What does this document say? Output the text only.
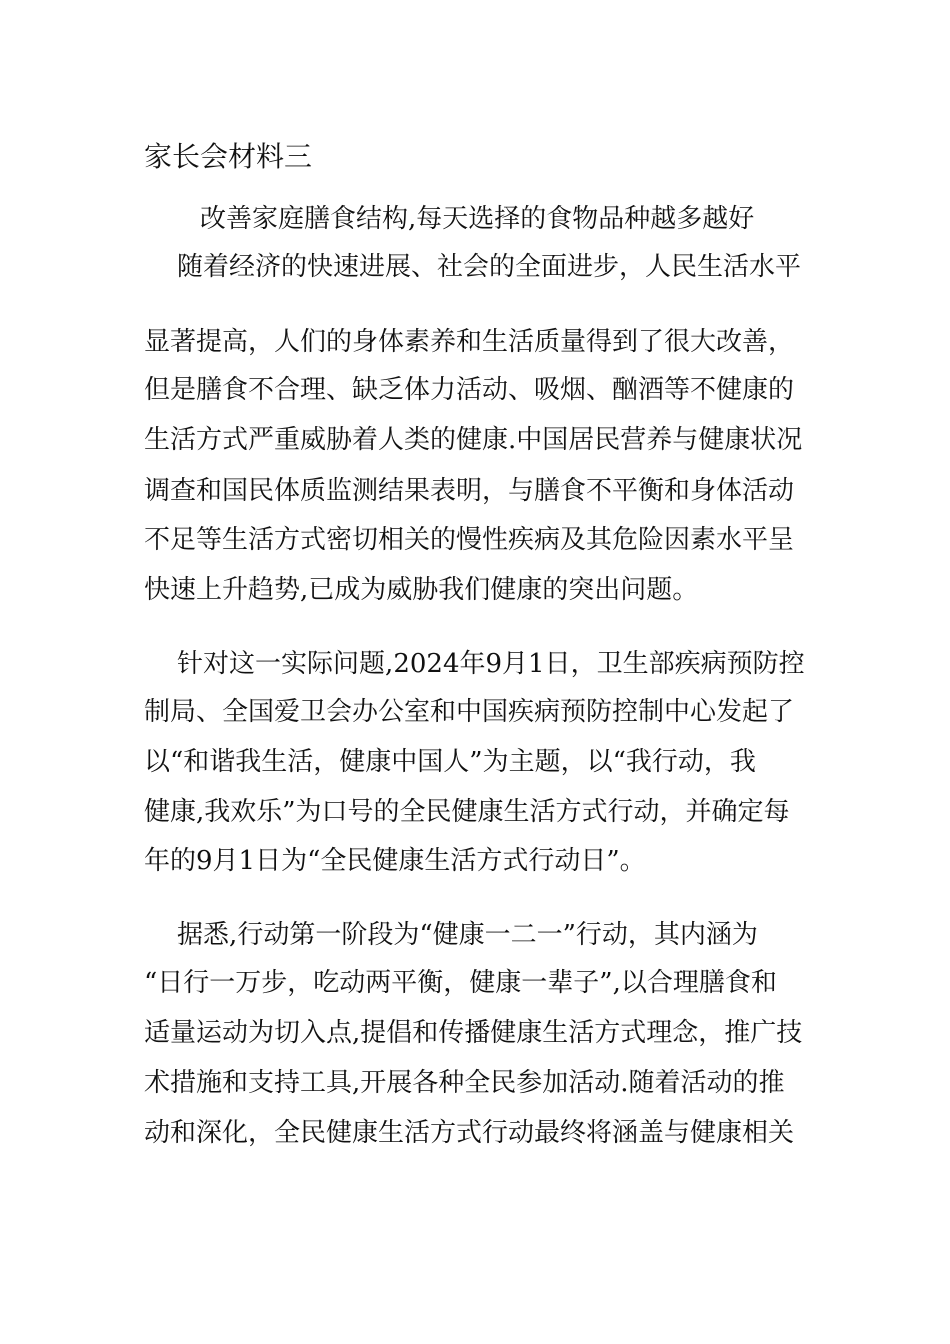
家长会材料三
改善家庭膳食结构,每天选择的食物品种越多越好

随着经济的快速进展、社会的全面进步，人民生活水平

显著提高，人们的身体素养和生活质量得到了很大改善，

但是膳食不合理、缺乏体力活动、吸烟、酗酒等不健康的

生活方式严重威胁着人类的健康.中国居民营养与健康状况

调查和国民体质监测结果表明，与膳食不平衡和身体活动

不足等生活方式密切相关的慢性疾病及其危险因素水平呈

快速上升趋势,已成为威胁我们健康的突出问题。

针对这一实际问题,2024年9月1日，卫生部疾病预防控

制局、全国爱卫会办公室和中国疾病预防控制中心发起了

以“和谐我生活，健康中国人”为主题，以“我行动，我

健康,我欢乐”为口号的全民健康生活方式行动，并确定每

年的9月1日为“全民健康生活方式行动日”。

据悉,行动第一阶段为“健康一二一”行动，其内涵为

“日行一万步，吃动两平衡，健康一辈子”,以合理膳食和

适量运动为切入点,提倡和传播健康生活方式理念，推广技

术措施和支持工具,开展各种全民参加活动.随着活动的推

动和深化，全民健康生活方式行动最终将涵盖与健康相关
